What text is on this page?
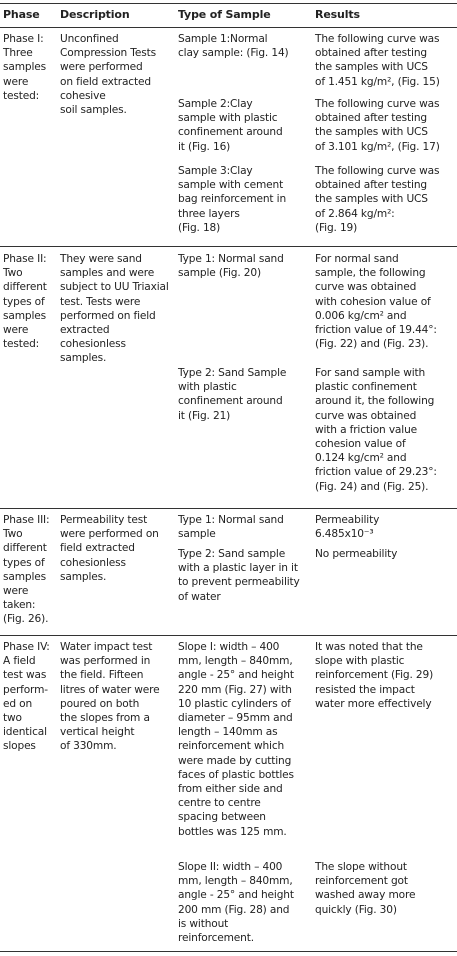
Phase Description	Type of Sample	Results
Phase I:
Three
samples
were
tested:
Unconfined
Compression Tests
were performed
on field extracted
cohesive
soil samples.
Sample 1:Normal
clay sample: (Fig. 14)
The following curve was
obtained after testing
the samples with UCS
of 1.451 kg/m², (Fig. 15)
Sample 2:Clay
sample with plastic
confinement around
it (Fig. 16)
The following curve was
obtained after testing
the samples with UCS
of 3.101 kg/m², (Fig. 17)
Sample 3:Clay
sample with cement
bag reinforcement in
three layers
(Fig. 18)
The following curve was
obtained after testing
the samples with UCS
of 2.864 kg/m²:
(Fig. 19)
Phase II:
Two
different
types of
samples
were
tested:
They were sand
samples and were
subject to UU Triaxial
test. Tests were
performed on field
extracted
cohesionless
samples.
Type 1: Normal sand
sample (Fig. 20)
For normal sand
sample, the following
curve was obtained
with cohesion value of
0.006 kg/cm² and
friction value of 19.44°:
(Fig. 22) and (Fig. 23).
Type 2: Sand Sample
with plastic
confinement around
it (Fig. 21)
For sand sample with
plastic confinement
around it, the following
curve was obtained
with a friction value
cohesion value of
0.124 kg/cm² and
friction value of 29.23°:
(Fig. 24) and (Fig. 25).
Phase III:
Two
different
types of
samples
were
taken:
(Fig. 26).
Permeability test
were performed on
field extracted
cohesionless
samples.
Type 1: Normal sand
sample
Permeability
6.485x10⁻³
Type 2: Sand sample
with a plastic layer in it
to prevent permeability
of water
No permeability
Phase IV:
A field
test was
perform-
ed on
two
identical
slopes
Water impact test
was performed in
the field. Fifteen
litres of water were
poured on both
the slopes from a
vertical height
of 330mm.
Slope I: width – 400
mm, length – 840mm,
angle - 25° and height
220 mm (Fig. 27) with
10 plastic cylinders of
diameter – 95mm and
length – 140mm as
reinforcement which
were made by cutting
faces of plastic bottles
from either side and
centre to centre
spacing between
bottles was 125 mm.
It was noted that the
slope with plastic
reinforcement (Fig. 29)
resisted the impact
water more effectively
Slope II: width – 400
mm, length – 840mm,
angle - 25° and height
200 mm (Fig. 28) and
is without
reinforcement.
The slope without
reinforcement got
washed away more
quickly (Fig. 30)
